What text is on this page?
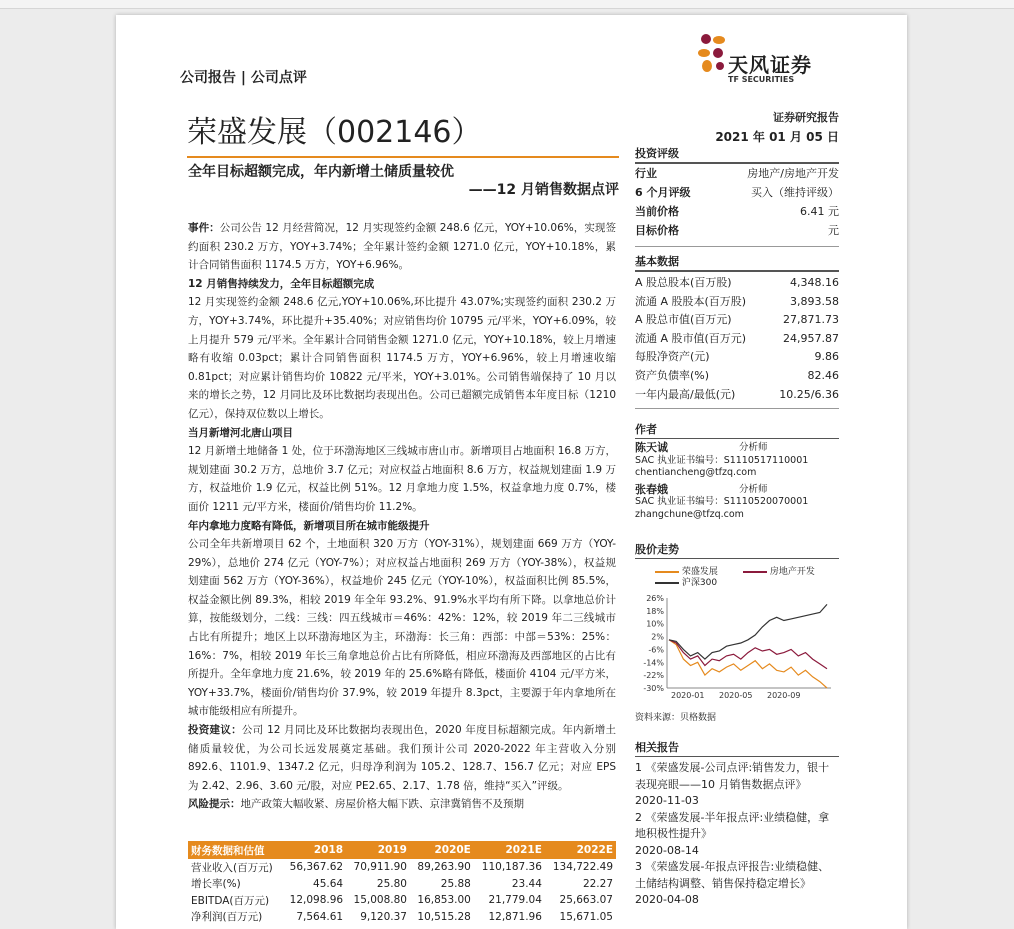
公司报告 | 公司点评
天风证券
TF SECURITIES
证券研究报告
2021 年 01 月 05 日
荣盛发展（002146）
全年目标超额完成，年内新增土储质量较优
——12 月销售数据点评

事件：公司公告 12 月经营简况，12 月实现签约金额 248.6 亿元，YOY+10.06%，实现签约面积 230.2 万方，YOY+3.74%；全年累计签约金额 1271.0 亿元，YOY+10.18%，累计合同销售面积 1174.5 万方，YOY+6.96%。

12 月销售持续发力，全年目标超额完成

12 月实现签约金额 248.6 亿元,YOY+10.06%,环比提升 43.07%;实现签约面积 230.2 万方，YOY+3.74%，环比提升+35.40%；对应销售均价 10795 元/平米，YOY+6.09%，较上月提升 579 元/平米。全年累计合同销售金额 1271.0 亿元，YOY+10.18%，较上月增速略有收缩 0.03pct；累计合同销售面积 1174.5 万方，YOY+6.96%，较上月增速收缩 0.81pct；对应累计销售均价 10822 元/平米，YOY+3.01%。公司销售端保持了 10 月以来的增长之势，12 月同比及环比数据均表现出色。公司已超额完成销售本年度目标（1210 亿元），保持双位数以上增长。

当月新增河北唐山项目

12 月新增土地储备 1 处，位于环渤海地区三线城市唐山市。新增项目占地面积 16.8 万方，规划建面 30.2 万方，总地价 3.7 亿元；对应权益占地面积 8.6 万方，权益规划建面 1.9 万方，权益地价 1.9 亿元，权益比例 51%。12 月拿地力度 1.5%，权益拿地力度 0.7%，楼面价 1211 元/平方米，楼面价/销售均价 11.2%。

年内拿地力度略有降低，新增项目所在城市能级提升

公司全年共新增项目 62 个，土地面积 320 万方（YOY-31%），规划建面 669 万方（YOY-29%），总地价 274 亿元（YOY-7%）；对应权益占地面积 269 万方（YOY-38%），权益规划建面 562 万方（YOY-36%），权益地价 245 亿元（YOY-10%），权益面积比例 85.5%，权益金额比例 89.3%，相较 2019 年全年 93.2%、91.9%水平均有所下降。以拿地总价计算，按能级划分，二线：三线：四五线城市＝46%：42%：12%，较 2019 年二三线城市占比有所提升；地区上以环渤海地区为主，环渤海：长三角：西部：中部＝53%：25%：16%：7%，相较 2019 年长三角拿地总价占比有所降低，相应环渤海及西部地区的占比有所提升。全年拿地力度 21.6%，较 2019 年的 25.6%略有降低，楼面价 4104 元/平方米，YOY+33.7%，楼面价/销售均价 37.9%，较 2019 年提升 8.3pct，主要源于年内拿地所在城市能级相应有所提升。

投资建议：公司 12 月同比及环比数据均表现出色，2020 年度目标超额完成。年内新增土储质量较优，为公司长远发展奠定基础。我们预计公司 2020-2022 年主营收入分别 892.6、1101.9、1347.2 亿元，归母净利润为 105.2、128.7、156.7 亿元；对应 EPS 为 2.42、2.96、3.60 元/股，对应 PE2.65、2.17、1.78 倍，维持“买入”评级。

风险提示：地产政策大幅收紧、房屋价格大幅下跌、京津冀销售不及预期

财务数据和估值	2018	2019	2020E	2021E	2022E
营业收入(百万元)	56,367.62	70,911.90	89,263.90	110,187.36	134,722.49
增长率(%)	45.64	25.80	25.88	23.44	22.27
EBITDA(百万元)	12,098.96	15,008.80	16,853.00	21,779.04	25,663.07
净利润(百万元)	7,564.61	9,120.37	10,515.28	12,871.96	15,671.05
投资评级
行业	房地产/房地产开发
6 个月评级	买入（维持评级）
当前价格	6.41 元
目标价格	元
基本数据
A 股总股本(百万股)	4,348.16
流通 A 股股本(百万股)	3,893.58
A 股总市值(百万元)	27,871.73
流通 A 股市值(百万元)	24,957.87
每股净资产(元)	9.86
资产负债率(%)	82.46
一年内最高/最低(元)	10.25/6.36
作者
陈天诚	分析师
SAC 执业证书编号：S1110517110001
chentiancheng@tfzq.com
张春娥	分析师
SAC 执业证书编号：S1110520070001
zhangchune@tfzq.com
股价走势
荣盛发展	房地产开发
沪深300
26%
18%
10%
2%
-6%
-14%
-22%
-30%
2020-01 2020-05 2020-09
资料来源：贝格数据
相关报告
1 《荣盛发展-公司点评:销售发力，银十表现亮眼——10 月销售数据点评》
2020-11-03
2 《荣盛发展-半年报点评:业绩稳健，拿地积极性提升》
2020-08-14
3 《荣盛发展-年报点评报告:业绩稳健、土储结构调整、销售保持稳定增长》
2020-04-08
